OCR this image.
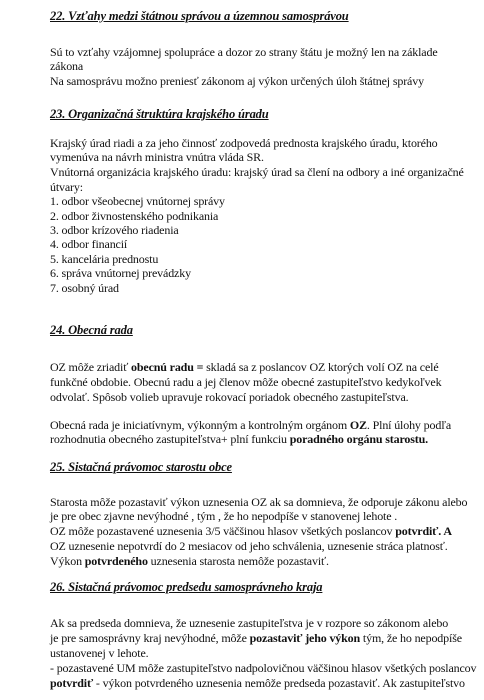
22. Vzťahy medzi štátnou správou a územnou samosprávou
Sú to vzťahy vzájomnej spolupráce a dozor zo strany štátu je možný len na základe
zákona
Na samosprávu možno preniesť zákonom aj výkon určených úloh štátnej správy
23. Organizačná štruktúra krajského úradu
Krajský úrad riadi a za jeho činnosť zodpovedá prednosta krajského úradu, ktorého
vymenúva na návrh ministra vnútra vláda SR.
Vnútorná organizácia krajského úradu: krajský úrad sa člení na odbory a iné organizačné
útvary:
1. odbor všeobecnej vnútornej správy
2. odbor živnostenského podnikania
3. odbor krízového riadenia
4. odbor financií
5. kancelária prednostu
6. správa vnútornej prevádzky
7. osobný úrad
24. Obecná rada
OZ môže zriadiť obecnú radu = skladá sa z poslancov OZ ktorých volí OZ na celé
funkčné obdobie. Obecnú radu a jej členov môže obecné zastupiteľstvo kedykoľvek
odvolať. Spôsob volieb upravuje rokovací poriadok obecného zastupiteľstva.
Obecná rada je iniciatívnym, výkonným a kontrolným orgánom OZ. Plní úlohy podľa
rozhodnutia obecného zastupiteľstva+ plní funkciu poradného orgánu starostu.
25. Sistačná právomoc starostu obce
Starosta môže pozastaviť výkon uznesenia OZ ak sa domnieva, že odporuje zákonu alebo
je pre obec zjavne nevýhodné , tým , že ho nepodpíše v stanovenej lehote .
OZ môže pozastavené uznesenia 3/5 väčšinou hlasov všetkých poslancov potvrdiť. A
OZ uznesenie nepotvrdí do 2 mesiacov od jeho schválenia, uznesenie stráca platnosť.
Výkon potvrdeného uznesenia starosta nemôže pozastaviť.
26. Sistačná právomoc predsedu samosprávneho kraja
Ak sa predseda domnieva, že uznesenie zastupiteľstva je v rozpore so zákonom alebo
je pre samosprávny kraj nevýhodné, môže pozastaviť jeho výkon tým, že ho nepodpíše
ustanovenej v lehote.
- pozastavené UM môže zastupiteľstvo nadpolovičnou väčšinou hlasov všetkých poslancov
potvrdiť - výkon potvrdeného uznesenia nemôže predseda pozastaviť. Ak zastupiteľstvo
